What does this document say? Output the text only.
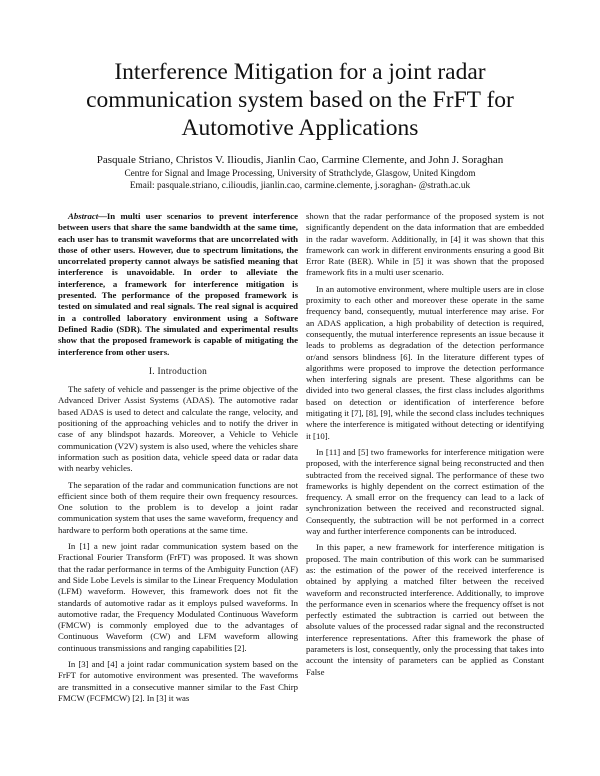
Interference Mitigation for a joint radar communication system based on the FrFT for Automotive Applications
Pasquale Striano, Christos V. Ilioudis, Jianlin Cao, Carmine Clemente, and John J. Soraghan
Centre for Signal and Image Processing, University of Strathclyde, Glasgow, United Kingdom
Email: pasquale.striano, c.ilioudis, jianlin.cao, carmine.clemente, j.soraghan- @strath.ac.uk

Abstract—In multi user scenarios to prevent interference between users that share the same bandwidth at the same time, each user has to transmit waveforms that are uncorrelated with those of other users. However, due to spectrum limitations, the uncorrelated property cannot always be satisfied meaning that interference is unavoidable. In order to alleviate the interference, a framework for interference mitigation is presented. The performance of the proposed framework is tested on simulated and real signals. The real signal is acquired in a controlled laboratory environment using a Software Defined Radio (SDR). The simulated and experimental results show that the proposed framework is capable of mitigating the interference from other users.

I. Introduction

The safety of vehicle and passenger is the prime objective of the Advanced Driver Assist Systems (ADAS). The automotive radar based ADAS is used to detect and calculate the range, velocity, and positioning of the approaching vehicles and to notify the driver in case of any blindspot hazards. Moreover, a Vehicle to Vehicle communication (V2V) system is also used, where the vehicles share information such as position data, vehicle speed data or radar data with nearby vehicles.

The separation of the radar and communication functions are not efficient since both of them require their own frequency resources. One solution to the problem is to develop a joint radar communication system that uses the same waveform, frequency and hardware to perform both operations at the same time.

In [1] a new joint radar communication system based on the Fractional Fourier Transform (FrFT) was proposed. It was shown that the radar performance in terms of the Ambiguity Function (AF) and Side Lobe Levels is similar to the Linear Frequency Modulation (LFM) waveform. However, this framework does not fit the standards of automotive radar as it employs pulsed waveforms. In automotive radar, the Frequency Modulated Continuous Waveform (FMCW) is commonly employed due to the advantages of Continuous Waveform (CW) and LFM waveform allowing continuous transmissions and ranging capabilities [2].

In [3] and [4] a joint radar communication system based on the FrFT for automotive environment was presented. The waveforms are transmitted in a consecutive manner similar to the Fast Chirp FMCW (FCFMCW) [2]. In [3] it was

shown that the radar performance of the proposed system is not significantly dependent on the data information that are embedded in the radar waveform. Additionally, in [4] it was shown that this framework can work in different environments ensuring a good Bit Error Rate (BER). While in [5] it was shown that the proposed framework fits in a multi user scenario.

In an automotive environment, where multiple users are in close proximity to each other and moreover these operate in the same frequency band, consequently, mutual interference may arise. For an ADAS application, a high probability of detection is required, consequently, the mutual interference represents an issue because it leads to problems as degradation of the detection performance or/and sensors blindness [6]. In the literature different types of algorithms were proposed to improve the detection performance when interfering signals are present. These algorithms can be divided into two general classes, the first class includes algorithms based on detection or identification of interference before mitigating it [7], [8], [9], while the second class includes techniques where the interference is mitigated without detecting or identifying it [10].

In [11] and [5] two frameworks for interference mitigation were proposed, with the interference signal being reconstructed and then subtracted from the received signal. The performance of these two frameworks is highly dependent on the correct estimation of the frequency. A small error on the frequency can lead to a lack of synchronization between the received and reconstructed signal. Consequently, the subtraction will be not performed in a correct way and further interference components can be introduced.

In this paper, a new framework for interference mitigation is proposed. The main contribution of this work can be summarised as: the estimation of the power of the received interference is obtained by applying a matched filter between the received waveform and reconstructed interference. Additionally, to improve the performance even in scenarios where the frequency offset is not perfectly estimated the subtraction is carried out between the absolute values of the processed radar signal and the reconstructed interference representations. After this framework the phase of parameters is lost, consequently, only the processing that takes into account the intensity of parameters can be applied as Constant False
